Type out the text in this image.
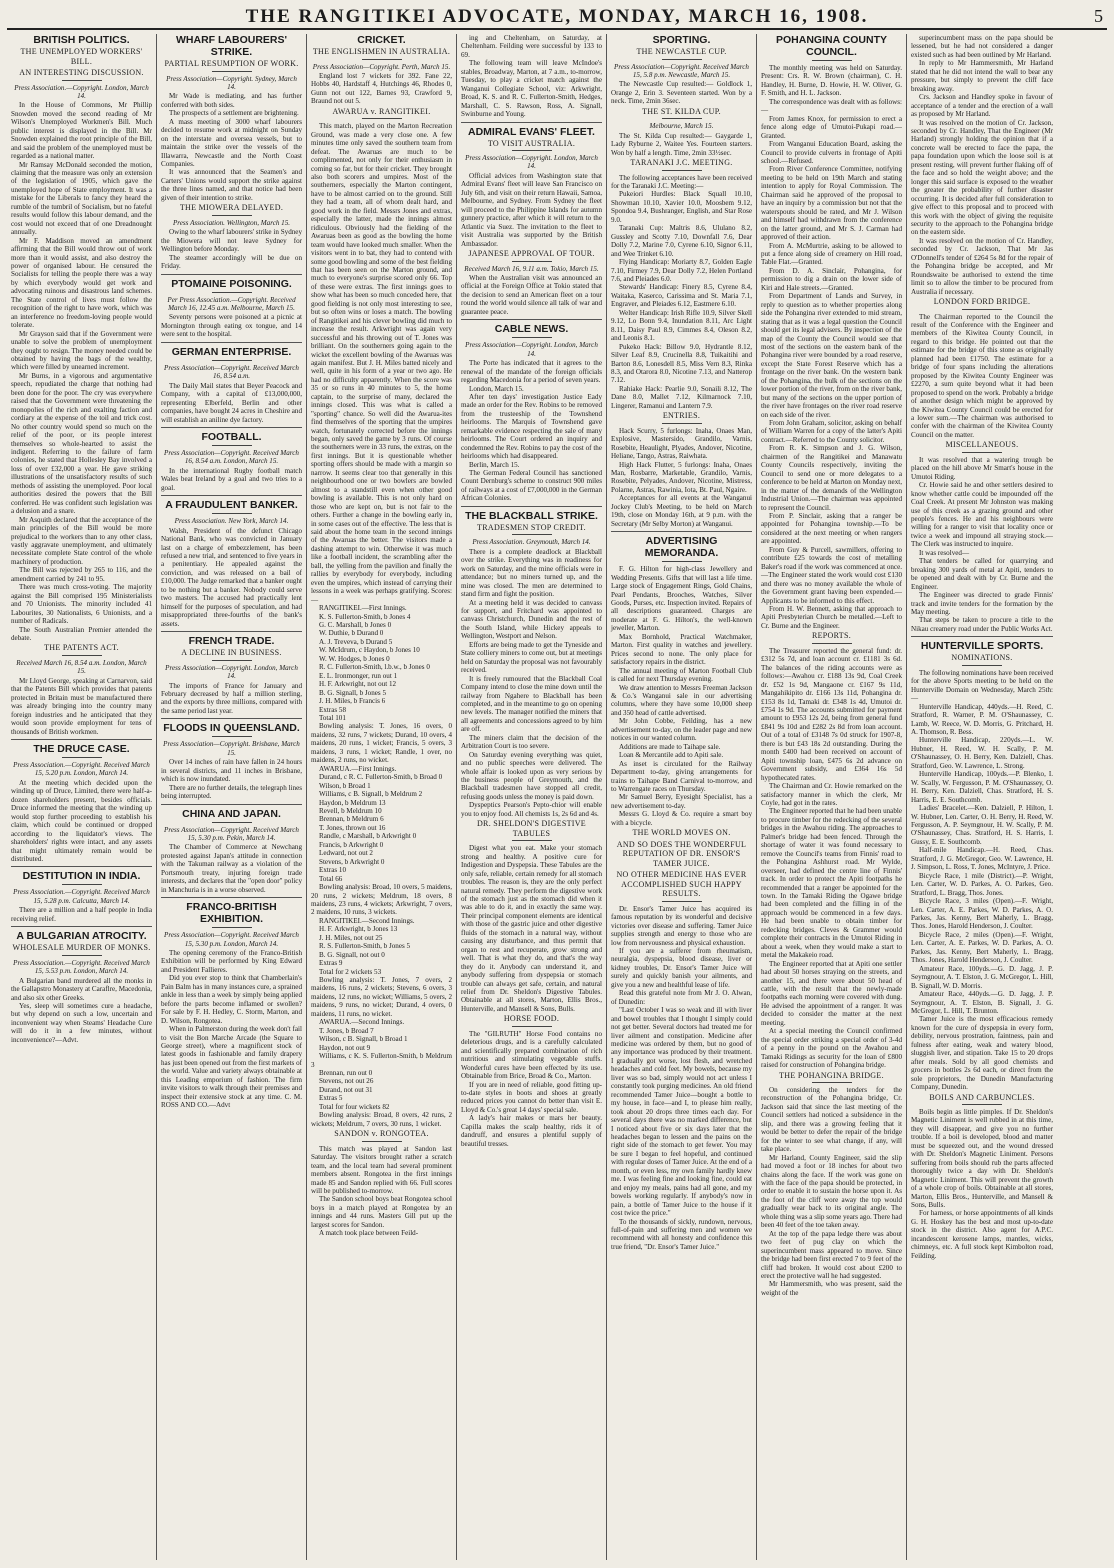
THE RANGITIKEI ADVOCATE, MONDAY, MARCH 16, 1908.	5
BRITISH POLITICS.
THE UNEMPLOYED WORKERS' BILL.
AN INTERESTING DISCUSSION.
Press Association.—Copyright. London, March 14.

In the House of Commons, Mr Phillip Snowden moved the second reading of Mr Wilson's Unemployed Workmen's Bill. Much public interest is displayed in the Bill. Mr Snowden explained the root principle of the Bill, and said the problem of the unemployed must be regarded as a national matter.

Mr Ramsay McDonald seconded the motion, claiming that the measure was only an extension of the legislation of 1905, which gave the unemployed hope of State employment. It was a mistake for the Liberals to fancy they heard the rumble of the tumbril of Socialism, but no fateful results would follow this labour demand, and the cost would not exceed that of one Dreadnought annually.

Mr F. Maddison moved an amendment affirming that the Bill would throw out of work more than it would assist, and also destroy the power of organised labour. He censured the Socialists for telling the people there was a way by which everybody would get work and advocating ruinous and disastrous land schemes. The State control of lives must follow the recognition of the right to have work, which was an interference no freedom-loving people would tolerate.

Mr Grayson said that if the Government were unable to solve the problem of unemployment they ought to resign. The money needed could be obtained by having the bags of the wealthy, which were filled by unearned increment.

Mr Burns, in a vigorous and argumentative speech, repudiated the charge that nothing had been done for the poor. The cry was everywhere raised that the Government were threatening the monopolies of the rich and exalting faction and cordiary at the expense of the toil and trick cost. No other country would spend so much on the relief of the poor, or its people interest themselves so whole-hearted to assist the indigent. Referring to the failure of farm colonies, he stated that Hollesley Bay involved a loss of over £32,000 a year. He gave striking illustrations of the unsatisfactory results of such methods of assisting the unemployed. Poor local authorities desired the powers that the Bill conferred. He was confident such legislation was a delusion and a snare.

Mr Asquith declared that the acceptance of the main principles of the Bill would be more prejudical to the workers than to any other class, vastly aggravate unemployment, and ultimately necessitate complete State control of the whole machinery of production.

The Bill was rejected by 265 to 116, and the amendment carried by 241 to 95.

There was much cross-voting. The majority against the Bill comprised 195 Ministerialists and 70 Unionists. The minority included 41 Labourites, 30 Nationalists, 6 Unionists, and a number of Radicals.

The South Australian Premier attended the debate.

THE PATENTS ACT.
Received March 16, 8.54 a.m. London, March 15.

Mr Lloyd George, speaking at Carnarvon, said that the Patents Bill which provides that patents protected in Britain must be manufactured there was already bringing into the country many foreign industries and he anticipated that they would soon provide employment for tens of thousands of British workmen.

THE DRUCE CASE.
Press Association.—Copyright. Received March 15, 5.20 p.m. London, March 14.

At the meeting which decided upon the winding up of Druce, Limited, there were half-a-dozen shareholders present, besides officials. Druce informed the meeting that the winding up would stop further proceeding to establish his claim, which could be continued or dropped according to the liquidator's views. The shareholders' rights were intact, and any assets that might ultimately remain would be distributed.

DESTITUTION IN INDIA.
Press Association.—Copyright. Received March 15, 5.28 p.m. Calcutta, March 14.

There are a million and a half people in India receiving relief.

A BULGARIAN ATROCITY.
WHOLESALE MURDER OF MONKS.
Press Association.—Copyright. Received March 15, 5.53 p.m. London, March 14.

A Bulgarian band murdered all the monks in the Gallapstro Monastery at Caraflre, Macedonia, and also six other Greeks.

Yes, sleep will sometimes cure a headache, but why depend on such a low, uncertain and inconvenient way when Steams' Headache Cure will do it in a few minutes, without inconvenience?—Advt.

WHARF LABOURERS' STRIKE.
PARTIAL RESUMPTION OF WORK.
Press Association—Copyright. Sydney, March 14.

Mr Wade is mediating, and has further conferred with both sides.

The prospects of a settlement are brightening.

A mass meeting of 3000 wharf labourers decided to resume work at midnight on Sunday on the interstate and oversea vessels, but to maintain the strike over the vessels of the Illawarra, Newcastle and the North Coast Companies.

It was announced that the Seamen's and Carters' Unions would support the strike against the three lines named, and that notice had been given of their intention to strike.

THE MIOWERA DELAYED.
Press Association. Wellington, March 15.

Owing to the wharf labourers' strike in Sydney the Miowera will not leave Sydney for Wellington before Monday.

The steamer accordingly will be due on Friday.

PTOMAINE POISONING.
Per Press Association.—Copyright. Received March 16, 12.45 a.m. Melbourne, March 15.

Seventy persons were poisoned at a picnic at Mornington through eating ox tongue, and 14 were sent to the hospital.

GERMAN ENTERPRISE.
Press Association—Copyright. Received March 16, 8.54 a.m.

The Daily Mail states that Beyer Peacock and Company, with a capital of £13,000,000, representing Elberfeld, Berlin and other companies, have bought 24 acres in Cheshire and will establish an aniline dye factory.

FOOTBALL.
Press Association—Copyright. Received March 16, 8.54 a.m. London, March 15.

In the international Rugby football match Wales beat Ireland by a goal and two tries to a goal.

A FRAUDULENT BANKER.
Press Association. New York, March 14.

Walsh, President of the defunct Chicago National Bank, who was convicted in January last on a charge of embezzlement, has been refused a new trial, and sentenced to five years in a penitentiary. He appealed against the conviction, and was released on a bail of £10,000. The Judge remarked that a banker ought to be nothing but a banker. Nobody could serve two masters. The accused had practically lent himself for the purposes of speculation, and had misappropriated three-fourths of the bank's assets.

FRENCH TRADE.
A DECLINE IN BUSINESS.
Press Association—Copyright. London, March 14.

The imports of France for January and February decreased by half a million sterling, and the exports by three millions, compared with the same period last year.

FLOODS IN QUEENSLAND.
Press Association—Copyright. Brisbane, March 15.

Over 14 inches of rain have fallen in 24 hours in several districts, and 11 inches in Brisbane, which is now inundated.

There are no further details, the telegraph lines being interrupted.

CHINA AND JAPAN.
Press Association—Copyright. Received March 15, 5.30 p.m. Pekin, March 14.

The Chamber of Commerce at Newchang protested against Japan's attitude in connection with the Takuman railway as a violation of the Portsmouth treaty, injuring foreign trade interests, and declares that the "open door" policy in Manchuria is in a worse observed.

FRANCO-BRITISH EXHIBITION.
Press Association—Copyright. Received March 15, 5.30 p.m. London, March 14.

The opening ceremony of the Franco-British Exhibition will be performed by King Edward and President Fallieres.

Did you ever stop to think that Chamberlain's Pain Balm has in many instances cure, a sprained ankle in less than a week by simply being applied before the parts become inflamed or swollen? For sale by F. H. Hedley, C. Storm, Marton, and D. Wilson, Rongotea.

When in Palmerston during the week don't fail to visit the Bon Marche Arcade (the Square to George street), where a magnificent stock of latest goods in fashionable and family drapery has just been opened out from the first markets of the world. Value and variety always obtainable at this Leading emporium of fashion. The firm invite visitors to walk through their premises and inspect their extensive stock at any time. C. M. ROSS AND CO.—Advt

CRICKET.
THE ENGLISHMEN IN AUSTRALIA.
Press Association—Copyright. Perth, March 15.

England lost 7 wickets for 392. Fane 22, Hobbs 40, Hardstaff 4, Hutchings 46, Rhodes 0, Gunn not out 122, Barnes 93, Crawford 9, Braund not out 5.

AWARUA v. RANGITIKEI.

This match, played on the Marton Recreation Ground, was made a very close one. A few minutes time only saved the southern team from defeat. The Awaruas are much to be complimented, not only for their enthusiasm in coming so far, but for their cricket. They brought also both scorers and umpires. Most of the southerners, especially the Marton contingent, have to be almost carried on to the ground. Still they had a team, all of whom dealt hard, and good work in the field. Messrs Jones and extras, especially the latter, made the innings almost ridiculous. Obviously had the fielding of the Awaruas been as good as the bowling the home team would have looked much smaller. When the visitors went in to bat, they had to contend with some good bowling and some of the best fielding that has been seen on the Marton ground, and much to everyone's surprise scored only 66. Top of these were extras. The first innings goes to show what has been so much conceded here, that good fielding is not only most interesting to see, but so often wins or loses a match. The bowling of Rangitikei and his clever bowling did much to increase the result. Arkwright was again very successful and his throwing out of T. Jones was brilliant. On the southerners going again to the wicket the excellent bowling of the Awaruas was again manifest. But J. H. Miles batted nicely and well, quite in his form of a year or two ago. He had no difficulty apparently. When the score was 35 or so runs in 40 minutes to 5, the home captain, to the surprise of many, declared the innings closed. This was what is called a "sporting" chance. So well did the Awarua-ites find themselves of the sporting that the umpires watch, fortunately corrected before the innings began, only saved the game by 3 runs. Of course the southerners were in 33 runs, the extras, on the first innings. But it is questionable whether sporting offers should be made with a margin so narrow. It seems clear too that generally in this neighbourhood one or two bowlers are bowled almost to a standstill even when other good bowling is available. This is not only hard on those who are kept on, but is not fair to the others. Further a change in the bowling early in, in some cases out of the effective. The less that is said about the home team in the second innings of the Awaruas the better. The visitors made a dashing attempt to win. Otherwise it was much like a football incident, the scrambling after the ball, the yelling from the pavilion and finally the rallies by everybody for everybody, including even the umpires, which instead of carrying their lessons in a week was perhaps gratifying. Scores:—

RANGITIKEI.—First Innings.

K. S. Fullerton-Smith, b Jones 4

G. C. Marshall, b Jones 0

W. Duthie, b Durand 0

A. J. Treveva, b Durand 5

W. McIdrum, c Haydon, b Jones 10

W. W. Hodges, b Jones 0

R. C. Fullerton-Smith, l.b.w., b Jones 0

E. L. Ironmonger, run out 1

H. F. Arkwright, not out 12

B. G. Signall, b Jones 5

J. H. Miles, b Francis 6

Extras 58

Total 101

Bowling analysis: T. Jones, 16 overs, 0 maidens, 32 runs, 7 wickets; Durand, 10 overs, 4 maidens, 20 runs, 1 wicket; Francis, 5 overs, 3 maidens, 3 runs, 1 wicket; Randle, 1 over, no maidens, 2 runs, no wicket.

AWARUA.—First Innings.

Durand, c R. C. Fullerton-Smith, b Broad 0

Wilson, b Broad 1

Williams, c B. Signall, b Meldrum 2

Haydon, b Meldrum 13

Revell, b Meldrum 10

Brennan, b Meldrum 6

T. Jones, thrown out 16

Randle, c Marshall, b Arkwright 0

Francis, b Arkwright 0

Ledward, not out 2

Stevens, b Arkwright 0

Extras 10

Total 66

Bowling analysis: Broad, 10 overs, 5 maidens, 20 runs, 2 wickets; Meldrum, 18 overs, 8 maidens, 23 runs, 4 wickets; Arkwright, 7 overs, 2 maidens, 10 runs, 3 wickets.

RANGITIKEI.—Second Innings.

H. F. Arkwright, b Jones 13

J. H. Miles, not out 25

R. S. Fullerton-Smith, b Jones 5

B. G. Signall, not out 0

Extras 9

Total for 2 wickets 53

Bowling analysis: T. Jones, 7 overs, 2 maidens, 16 runs, 2 wickets; Stevens, 6 overs, 3 maidens, 12 runs, no wicket; Williams, 5 overs, 2 maidens, 9 runs, no wicket; Durand, 4 overs, 0 maidens, 11 runs, no wicket.

AWARUA.—Second Innings.

T. Jones, b Broad 7

Wilson, c B. Signall, b Broad 1

Haydon, not out 9

Williams, c K. S. Fullerton-Smith, b Meldrum 3

Brennan, run out 0

Stevens, not out 26

Durand, not out 31

Extras 5

Total for four wickets 82

Bowling analysis: Broad, 8 overs, 42 runs, 2 wickets; Meldrum, 7 overs, 30 runs, 1 wicket.

SANDON v. RONGOTEA.

This match was played at Sandon last Saturday. The visitors brought rather a scratch team, and the local team had several prominent members absent. Rongotea in the first innings made 85 and Sandon replied with 66. Full scores will be published to-morrow.

The Sandon school boys beat Rongotea school boys in a match played at Rongotea by an innings and 44 runs. Masters Gill put up the largest scores for Sandon.

A match took place between Feild-

ing and Cheltenham, on Saturday, at Cheltenham. Feilding were successful by 133 to 69.

The following team will leave McIndoe's stables, Broadway, Marton, at 7 a.m., to-morrow, Tuesday, to play a cricket match against the Wanganui Collegiate School, viz: Arkwright, Broad, K. S. and R. C. Fullerton-Smith, Hedges, Marshall, C. S. Rawson, Ross, A. Signall, Swinburne and Young.

ADMIRAL EVANS' FLEET.
TO VISIT AUSTRALIA.
Press Association—Copyright. London, March 14.

Official advices from Washington state that Admiral Evans' fleet will leave San Francisco on July 6th, and visit on their return Hawaii, Samoa, Melbourne, and Sydney. From Sydney the fleet will proceed to the Philippine Islands for autumn gunnery practice, after which it will return to the Atlantic via Suez. The invitation to the fleet to visit Australia was supported by the British Ambassador.

JAPANESE APPROVAL OF TOUR.
Received March 16, 9.11 a.m. Tokio, March 15.

When the Australian visit was announced an official at the Foreign Office at Tokio stated that the decision to send an American fleet on a tour round the world would silence all talk of war and guarantee peace.

CABLE NEWS.
Press Association—Copyright. London, March 14.

The Porte has indicated that it agrees to the renewal of the mandate of the foreign officials regarding Macedonia for a period of seven years.

London, March 15.

After ten days' investigation Justice Eady made an order for the Rev. Robins to be removed from the trusteeship of the Townshend heirlooms. The Marquis of Townshend gave remarkable evidence respecting the sale of many heirlooms. The Court ordered an inquiry and condemned the Rev. Robins to pay the cost of the heirlooms which had disappeared.

Berlin, March 15.

The German Federal Council has sanctioned Count Dernburg's scheme to construct 900 miles of railways at a cost of £7,000,000 in the German African Colonies.

THE BLACKBALL STRIKE.
TRADESMEN STOP CREDIT.
Press Association. Greymouth, March 14.

There is a complete deadlock at Blackball over the strike. Everything was in readiness for work on Saturday, and the mine officials were in attendance; but no miners turned up, and the mine was closed. The men are determined to stand firm and fight the position.

At a meeting held it was decided to canvass for support, and Fritchard was appointed to canvass Christchurch, Dunedin and the rest of the South Island, while Hickey appeals to Wellington, Westport and Nelson.

Efforts are being made to get the Tyneside and State colliery miners to come out, but at meetings held on Saturday the proposal was not favourably received.

It is freely rumoured that the Blackball Coal Company intend to close the mine down until the railway from Ngahere to Blackball has been completed, and in the meantime to go on opening new levels. The manager notified the miners that all agreements and concessions agreed to by him are off.

The miners claim that the decision of the Arbitration Court is too severe.

On Saturday evening everything was quiet, and no public speeches were delivered. The whole affair is looked upon as very serious by the business people of Greymouth, and the Blackball tradesmen have stopped all credit, refusing goods unless the money is paid down.

Dyspeptics Pearson's Pepto-chior will enable you to enjoy food. All chemists 1s, 2s 6d and 4s.

DR. SHELDON'S DIGESTIVE TABULES

Digest what you eat. Make your stomach strong and healthy. A positive cure for Indigestion and Dyspepsia. These Tabules are the only safe, reliable, certain remedy for all stomach troubles. The reason is, they are the only perfect natural remedy. They perform the digestive work of the stomach just as the stomach did when it was able to do it, and in exactly the same way. Their principal component elements are identical with those of the gastric juice and other digestive fluids of the stomach in a natural way, without causing any disturbance, and thus permit that organ to rest and recuperate, grow strong and well. That is what they do, and that's the way they do it. Anybody can understand it, and anybody suffering from dyspepsia or stomach trouble can always get safe, certain, and natural relief from Dr. Sheldon's Digestive Tabules. Obtainable at all stores, Marton, Ellis Bros., Hunterville, and Mansell & Sons, Bulls.

HORSE FOOD.

The "GILRUTH" Horse Food contains no deleterious drugs, and is a carefully calculated and scientifically prepared combination of rich nutritious and stimulating vegetable stuffs. Wonderful cures have been effected by its use. Obtainable from Brice, Broad & Co., Marton.

If you are in need of reliable, good fitting up-to-date styles in boots and shoes at greatly reduced prices you cannot do better than visit E. Lloyd & Co.'s great 14 days' special sale.

A lady's hair makes or mars her beauty. Capilla makes the scalp healthy, rids it of dandruff, and ensures a plentiful supply of beautiful tresses.

SPORTING.
THE NEWCASTLE CUP.
Press Association—Copyright. Received March 15, 5.8 p.m. Newcastle, March 15.

The Newcastle Cup resulted:— Goldlock 1, Orange 2, Erin 3. Seventeen started. Won by a neck. Time, 2min 36sec.

THE ST. KILDA CUP.
Melbourne, March 15.

The St. Kilda Cup resulted:— Gaygarde 1, Lady Ryburne 2, Waitee Yes. Fourteen starters. Won by half a length. Time, 2min 33½sec.

TARANAKI J.C. MEETING.

The following acceptances have been received for the Taranaki J.C. Meeting:—

Pukeiori Hurdles: Black Squall 10.10, Showman 10.10, Xavier 10.0, Moosbem 9.12, Spondoa 9.4, Bushranger, English, and Star Rose 9.0.

Taranaki Cup: Maltris 8.6, Ululano 8.2, Gussley and Scotty 7.10, Downfall 7.6, Dear Dolly 7.2, Marine 7.0, Cyrene 6.10, Signor 6.11, and Wee Trinket 6.10.

Flying Handicap: Moriarty 8.7, Golden Eagle 7.10, Firmey 7.9, Dear Dolly 7.2, Helen Portland 7.6, and Pleiades 6.0.

Stewards' Handicap: Finery 8.5, Cyrene 8.4, Waitaka, Kaserco, Carissima and St. Maria 7.1, Engraver, and Pleiades 6.12, Eastmere 6.10.

Welter Handicap: Irish Rifle 10.9, Silver Skell 9.12, Lo Bonn 9.4, Inundation 8.11, Arc Light 8.11, Daisy Paul 8.9, Cimmes 8.4, Oleson 8.2, and Leonis 8.1.

Pukeko Hack: Billow 9.0, Hydrantle 8.12, Silver Leaf 8.9, Crucinella 8.8, Tuikaitihi and Barton 8.6, Lonesdell 8.5, Miss Vern 8.3, Rinka 8.3, and Otarora 8.0, Nicotine 7.13, and Natterop 7.12.

Rahiake Hack: Pearlie 9.0, Sonaili 8.12, The Dane 8.0, Mallet 7.12, Kilmarnock 7.10, Lingerer, Ramanui and Lantern 7.9.

ENTRIES.

Hack Scurry, 5 furlongs: Inaha, Onaes Man, Explosive, Mastersido, Grandilo, Varnis, Rosebite, Heaulight, Plyades, Andover, Nicotine, Heliane, Tango, Astras, Raiwhata.

High Hack Flutter, 5 furlongs: Inaha, Onaes Man, Rosbarre, Marketable, Grandilo, Varnis, Rosebite, Pelyades, Andover, Nicotine, Mistress, Polarne, Astras, Rawinia, Iota, Bt. Paul, Ngaire.

Acceptances for all events at the Wanganui Jockey Club's Meeting, to be held on March 19th, close on Monday 16th, at 9 p.m. with the Secretary (Mr Selby Morton) at Wanganui.

ADVERTISING MEMORANDA.

F. G. Hilton for high-class Jewellery and Wedding Presents. Gifts that will last a life time. Large stock of Engagement Rings, Gold Chains, Pearl Pendants, Brooches, Watches, Silver Goods, Purses, etc. Inspection invited. Repairs of all descriptions guaranteed. Charges are moderate at F. G. Hilton's, the well-known jeweller, Marton.

Max Bornhold, Practical Watchmaker, Marton. First quality in watches and jewellery. Prices second to none. The only place for satisfactory repairs in the district.

The annual meeting of Marton Football Club is called for next Thursday evening.

We draw attention to Messrs Freeman Jackson & Co.'s Wanganui sale in our advertising columns, where they have some 10,000 sheep and 350 head of cattle advertised.

Mr John Cobbe, Feilding, has a new advertisement to-day, on the leader page and new notices in our wanted column.

Additions are made to Taihape sale.

Loan & Mercantile add to Apiti sale.

As inset is circulated for the Railway Department to-day, giving arrangements for trains to Taihape Band Carnival to-morrow, and to Warrengate races on Thursday.

Mr Samuel Berry, Eyesight Specialist, has a new advertisement to-day.

Messrs G. Lloyd & Co. require a smart boy with a bicycle.

THE WORLD MOVES ON.
AND SO DOES THE WONDERFUL REPUTATION OF DR. ENSOR'S TAMER JUICE.
NO OTHER MEDICINE HAS EVER ACCOMPLISHED SUCH HAPPY RESULTS.

Dr. Ensor's Tamer Juice has acquired its famous reputation by its wonderful and decisive victories over disease and suffering. Tamer Juice supplies strength and energy to those who are low from nervousness and physical exhaustion.

If you are a sufferer from rheumatism, neuralgia, dyspepsia, blood disease, liver or kidney troubles, Dr. Ensor's Tamer Juice will surely and quickly banish your ailments, and give you a new and healthful lease of life.

Read this grateful note from Mr J. O. Alwan, of Dunedin:

"Last October I was so weak and ill with liver and bowel troubles that I thought I simply could not get better. Several doctors had treated me for liver ailment and constipation. Medicine after medicine was ordered by them, but no good of any importance was produced by their treatment. I gradually got worse, lost flesh, and wretched headaches and cold feet. My bowels, because my liver was so bad, simply would not act unless I constantly took purging medicines. An old friend recommended Tamer Juice—bought a bottle to my house, in face—and I, to please him really, took about 20 drops three times each day. For several days there was no marked difference, but I noticed about five or six days later that the headaches began to lessen and the pains on the right side of the stomach to get fewer. You may be sure I began to feel hopeful, and continued with regular doses of Tamer Juice. At the end of a month, or even less, my own family hardly knew me. I was feeling fine and looking fine, could eat and enjoy my meals, pains had all gone, and my bowels working regularly. If anybody's now in pain, a bottle of Tamer Juice to the house if it cost twice the price."

To the thousands of sickly, rundown, nervous, full-of-pain and suffering men and women we recommend with all honesty and confidence this true friend, "Dr. Ensor's Tamer Juice."

POHANGINA COUNTY COUNCIL.

The monthly meeting was held on Saturday. Present: Crs. R. W. Brown (chairman), C. H. Handley, H. Burne, D. Howie, H. W. Oliver, G. F. Smith, and H. L. Jackson.

The correspondence was dealt with as follows:—

From James Knox, for permission to erect a fence along edge of Umutoi-Pukapi road.—Granted.

From Wanganui Education Board, asking the Council to provide culverts in frontage of Apiti school.—Refused.

From River Conference Committee, notifying meeting to be held on 19th March and stating intention to apply for Royal Commission. The Chairman said he approved of the proposal to have an inquiry by a commission but not that the waterspouts should be rated, and Mr J. Wilson and himself had withdrawn from the conference on the latter ground, and Mr S. J. Carman had approved of their action.

From A. McMurtrie, asking to be allowed to put a fence along side of creamery on Hill road, Table Flat.—Granted.

From D. A. Sinclair, Pohangina, for permission to dig a drain on the lower side of Kiri and Hale streets.—Granted.

From Department of Lands and Survey, in reply to question as to whether properties along side the Pohangina river extended to mid stream, stating that as it was a legal question the Council should get its legal advisers. By inspection of the map of the County the Council would see that most of the sections on the eastern bank of the Pohangina river were bounded by a road reserve, except the State Forest Reserve which has a frontage on the river bank. On the western bank of the Pohangina, the bulk of the sections on the lower portion of the river, from on the river bank, but many of the sections on the upper portion of the river have frontages on the river road reserve on each side of the river.

From John Graham, solicitor, asking on behalf of William Warren for a copy of the latter's Apiti contract.—Referred to the County solicitor.

From R. K. Simpson and J. G. Wilson, chairmen of the Rangitikei and Manawatu County Councils respectively, inviting the Council to send one or more delegates to a conference to be held at Marton on Monday next, in the matter of the demands of the Wellington Industrial Union.—The chairman was appointed to represent the Council.

From P. Sinclair, asking that a ranger be appointed for Pohangina township.—To be considered at the next meeting or when rangers are appointed.

From Guy & Purcell, sawmillers, offering to contribute £25 towards the cost of metalling Baker's road if the work was commenced at once.—The Engineer stated the work would cost £130 and there was no money available the whole of the Government grant having been expended.—Applicants to be informed to this effect.

From H. W. Bennett, asking that approach to Apiti Presbyterian Church be metalled.—Left to Cr. Burne and the Engineer.

REPORTS.

The Treasurer reported the general fund: dr. £312 5s 7d, and loan account cr. £1181 3s 6d. The balances of the riding accounts were as follows:—Awahou cr. £188 13s 9d, Coal Creek dr. £52 1s 9d, Mangaone cr. £167 9s 11d, Mangahikipito dr. £166 13s 11d, Pohangina dr. £153 8s 1d, Tamaki dr. £348 1s 4d, Umutoi dr. £754 1s 9d. The accounts submitted for payment amount to £953 12s 2d, being from general fund £841 9s 10d and £282 2s 8d from loan account. Out of a total of £3148 7s 0d struck for 1907-8, there is but £43 18s 2d outstanding. During the month £400 had been received on account of Apiti township loan, £475 6s 2d advance on Government subsidy, and £364 16s 5d hypothecated rates.

The Chairman and Cr. Howie remarked on the satisfactory manner in which the clerk, Mr Coyle, had got in the rates.

The Engineer reported that he had been unable to procure timber for the redecking of the several bridges in the Awahou riding. The approaches to Palmer's bridge had been fenced. Through the shortage of water it was found necessary to remove the Council's teams from Finnis' road to the Pohangina Ashhurst road. Mr Wylde, overseer, had defined the centre line of Finnis' track. In order to protect the Apiti footpaths he recommended that a ranger be appointed for the town. In the Tamaki Riding the Ogawe bridge had been completed and the filling in of the approach would be commenced in a few days. He had been unable to obtain timber for redecking bridges. Cleves & Grammer would complete their contracts in the Umutoi Riding in about a week, when they would make a start to metal the Makakeio road.

The Engineer reported that at Apiti one settler had about 50 horses straying on the streets, and another 15, and there were about 50 head of cattle, with the result that the newly-made footpaths each morning were covered with dung. He advised the appointment of a ranger. It was decided to consider the matter at the next meeting.

At a special meeting the Council confirmed the special order striking a special order of 3-4d of a penny in the pound on the Awahou and Tamaki Ridings as security for the loan of £800 raised for construction of Pohangina bridge.

THE POHANGINA BRIDGE.

On considering the tenders for the reconstruction of the Pohangina bridge, Cr. Jackson said that since the last meeting of the Council settlers had noticed a subsidence in the slip, and there was a growing feeling that it would be better to defer the repair of the bridge for the winter to see what change, if any, will take place.

Mr Harland, County Engineer, said the slip had moved a foot or 18 inches for about two chains along the face. If the work was gone on with the face of the papa should be protected, in order to enable it to sustain the horse upon it. As the foot of the cliff wore away the top would gradually wear back to its original angle. The whole thing was a slip some years ago. There had been 40 feet of the toe taken away.

At the top of the papa ledge there was about two feet of pug clay on which the superincumbent mass appeared to move. Since the bridge had been first erected 7 to 9 feet of the cliff had broken. It would cost about £200 to erect the protective wall he had suggested.

Mr Hammersmith, who was present, said the weight of the

superincumbent mass on the papa should be lessened, but he had not considered a danger existed such as had been outlined by Mr Harland.

In reply to Mr Hammersmith, Mr Harland stated that he did not intend the wall to bear any pressure, but simply to prevent the cliff face breaking away.

Crs. Jackson and Handley spoke in favour of acceptance of a tender and the erection of a wall as proposed by Mr Harland.

It was resolved on the motion of Cr. Jackson, seconded by Cr. Handley, That the Engineer (Mr Harland) strongly holding the opinion that if a concrete wall be erected to face the papa, the papa foundation upon which the loose soil is at present resting, will prevent further flaking off of the face and so hold the weight above; and the longer this said surface is exposed to the weather the greater the probability of further disaster occurring. It is decided after full consideration to give effect to this proposal and to proceed with this work with the object of giving the requisite security to the approach to the Pohangina bridge on the eastern side.

It was resolved on the motion of Cr. Handley, seconded by Cr. Jackson, That Mr Jas O'Donnell's tender of £264 5s 8d for the repair of the Pohangina bridge be accepted, and Mr Roundswaite be authorised to extend the time limit so to allow the timber to be procured from Australia if necessary.

LONDON FORD BRIDGE.

The Chairman reported to the Council the result of the Conference with the Engineer and members of the Kiwitea County Council, in regard to this bridge. He pointed out that the estimate for the bridge of this stone as originally planned had been £1750. The estimate for a bridge of four spans including the alterations proposed by the Kiwitea County Engineer was £2270, a sum quite beyond what it had been proposed to spend on the work. Probably a bridge of another design which might be approved by the Kiwitea County Council could be erected for a lower sum.—The chairman was authorised to confer with the chairman of the Kiwitea County Council on the matter.

MISCELLANEOUS.

It was resolved that a watering trough be placed on the hill above Mr Smart's house in the Umutoi Riding.

Cr. Howie said he and other settlers desired to know whether cattle could be impounded off the Coal Creek. At present Mr Johnston was making use of this creek as a grazing ground and other people's fences. He and his neighbours were willing for a ranger to visit that locality once or twice a week and impound all straying stock.—The Clerk was instructed to inquire.

It was resolved—

That tenders be called for quarrying and breaking 300 yards of metal at Apiti, tenders to be opened and dealt with by Cr. Burne and the Engineer.

The Engineer was directed to grade Finnis' track and invite tenders for the formation by the May meeting.

That steps be taken to procure a title to the Nikau creamery road under the Public Works Act.

HUNTERVILLE SPORTS.
NOMINATIONS.

The following nominations have been received for the above Sports meeting to be held on the Hunterville Domain on Wednesday, March 25th:—

Hunterville Handicap, 440yds.—H. Reed, C. Stratford, R. Warner, P. M. O'Shaunassey, C. Lamb, W. Reece, W. D. Morris, G. Pritchard, H. A. Thomson, R. Bess.

Hunterville Handicap, 220yds.—L. W. Hubner, H. Reed, W. H. Scally, P. M. O'Shaunassey, O. H. Berry, Ken. Dalziell, Chas. Stratford, Geo. W. Lawrence, L. Strong.

Hunterville Handicap, 100yds.—P. Blenko, I. W. Scally, W. Fergusson, P. M. O'Shaunassey, O. H. Berry, Ken. Dalziell, Chas. Stratford, H. S. Harris, E. E. Southcomb.

Ladies' Bracelet.—Ken. Dalziell, P. Hilton, I. W. Hubner, Len. Carter, O. H. Berry, H. Reed, W. Fergusson, A. P. Seymgnour, H. W. Scally, P. M. O'Shaunassey, Chas. Stratford, H. S. Harris, I. Gussy, E. E. Southcomb.

Half-mile Handicap.—H. Reed, Chas. Stratford, J. G. McGregor, Geo. W. Lawrence, H. J. Simpson, L. Ross, T. Jones, McIntyre, J. Price.

Bicycle Race, 1 mile (District).—P. Wright, Len. Carter, W. D. Parkes, A. O. Parkes, Geo. Stratford, L. Bragg, Thos. Jones.

Bicycle Race, 3 miles (Open).—F. Wright, Len. Carter, A. E. Parkes, W. D. Parkes, A. O. Parkes, Jas. Kenny, Bert Maherly, L. Bragg, Thos. Jones, Harold Henderson, J. Coulter.

Bicycle Race, 2 miles (Open).—F. Wright, Len. Carter, A. E. Parkes, W. D. Parkes, A. O. Parkes, Jas. Kenny, Bert Maherly, L. Bragg, Thos. Jones, Harold Henderson, J. Coulter.

Amateur Race, 100yds.—G. D. Jagg, J. P. Seymgnour, A. T. Elston, J. G. McGregor, L. Hill, B. Signall, W. D. Morris.

Amateur Race, 440yds.—G. D. Jagg, J. P. Seymgnour, A. T. Elston, B. Signall, J. G. McGregor, L. Hill, T. Brunton.

Tamer Juice is the most efficacious remedy known for the cure of dyspepsia in every form, debility, nervous prostration, faintness, pain and fulness after eating, weak and watery blood, sluggish liver, and stipation. Take 15 to 20 drops after meals. Sold by all good chemists and grocers in bottles 2s 6d each, or direct from the sole proprietors, the Dunedin Manufacturing Company, Dunedin.

BOILS AND CARBUNCLES.

Boils begin as little pimples. If Dr. Sheldon's Magnetic Liniment is well rubbed in at this time, they will disappear, and give you no further trouble. If a boil is developed, blood and matter must be squeezed out, and the wound dressed with Dr. Sheldon's Magnetic Liniment. Persons suffering from boils should rub the parts affected thoroughly twice a day with Dr. Sheldon's Magnetic Liniment. This will prevent the growth of a whole crop of boils. Obtainable at all stores, Marton, Ellis Bros., Hunterville, and Mansell & Sons, Bulls.

For harness, or horse appointments of all kinds G. H. Hoskey has the best and most up-to-date stock in the district. Also agent for A.P.C. incandescent kerosene lamps, mantles, wicks, chimneys, etc. A full stock kept Kimbolton road, Feilding.
